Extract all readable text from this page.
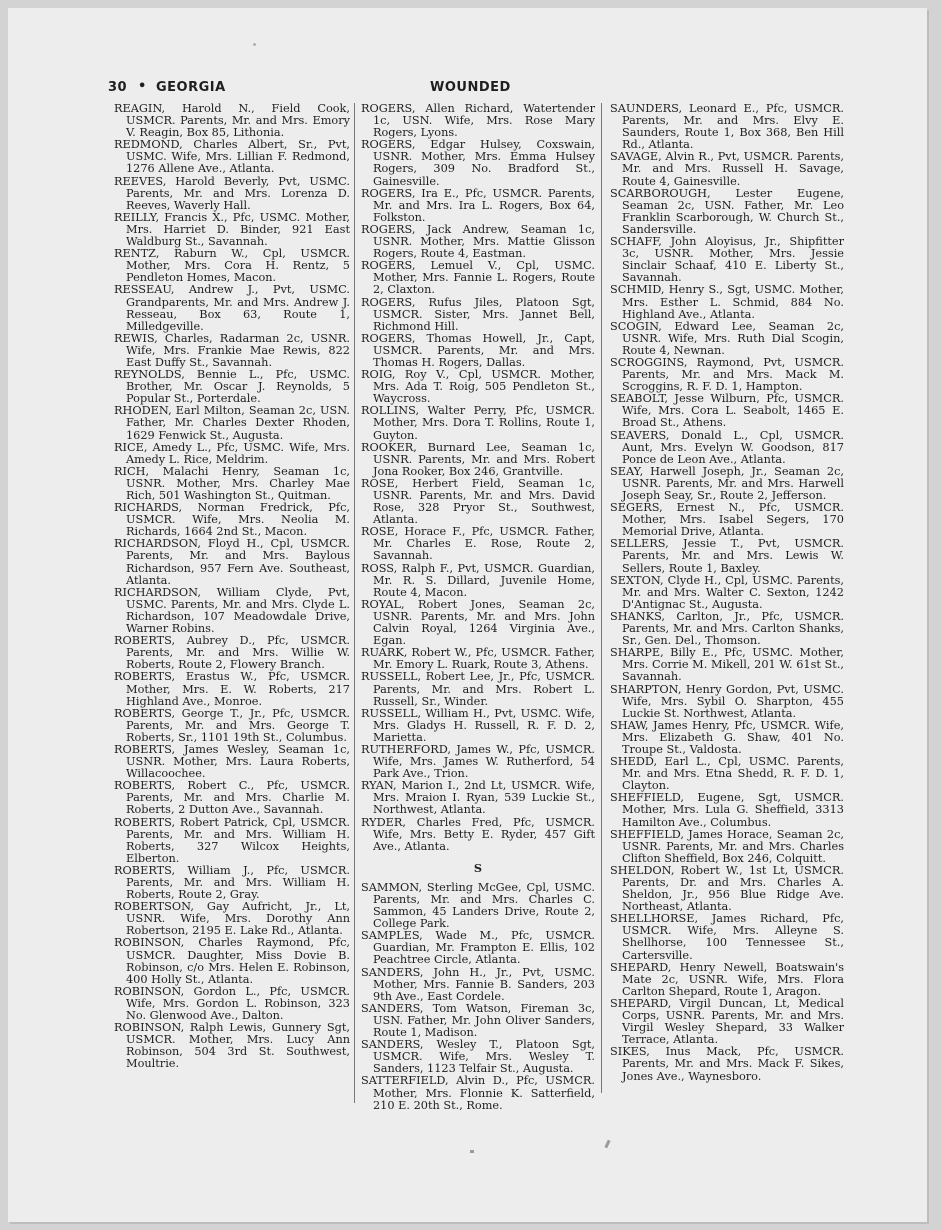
30 • GEORGIA	WOUNDED

REAGIN, Harold N., Field Cook, USMCR. Parents, Mr. and Mrs. Emory V. Reagin, Box 85, Lithonia.

REDMOND, Charles Albert, Sr., Pvt, USMC. Wife, Mrs. Lillian F. Redmond, 1276 Allene Ave., Atlanta.

REEVES, Harold Beverly, Pvt, USMC. Parents, Mr. and Mrs. Lorenza D. Reeves, Waverly Hall.

REILLY, Francis X., Pfc, USMC. Mother, Mrs. Harriet D. Binder, 921 East Waldburg St., Savannah.

RENTZ, Raburn W., Cpl, USMCR. Mother, Mrs. Cora H. Rentz, 5 Pendleton Homes, Macon.

RESSEAU, Andrew J., Pvt, USMC. Grandparents, Mr. and Mrs. Andrew J. Resseau, Box 63, Route 1, Milledgeville.

REWIS, Charles, Radarman 2c, USNR. Wife, Mrs. Frankie Mae Rewis, 822 East Duffy St., Savannah.

REYNOLDS, Bennie L., Pfc, USMC. Brother, Mr. Oscar J. Reynolds, 5 Popular St., Porterdale.

RHODEN, Earl Milton, Seaman 2c, USN. Father, Mr. Charles Dexter Rhoden, 1629 Fenwick St., Augusta.

RICE, Amedy L., Pfc, USMC. Wife, Mrs. Amedy L. Rice, Meldrim.

RICH, Malachi Henry, Seaman 1c, USNR. Mother, Mrs. Charley Mae Rich, 501 Washington St., Quitman.

RICHARDS, Norman Fredrick, Pfc, USMCR. Wife, Mrs. Neolia M. Richards, 1664 2nd St., Macon.

RICHARDSON, Floyd H., Cpl, USMCR. Parents, Mr. and Mrs. Baylous Richardson, 957 Fern Ave. Southeast, Atlanta.

RICHARDSON, William Clyde, Pvt, USMC. Parents, Mr. and Mrs. Clyde L. Richardson, 107 Meadowdale Drive, Warner Robins.

ROBERTS, Aubrey D., Pfc, USMCR. Parents, Mr. and Mrs. Willie W. Roberts, Route 2, Flowery Branch.

ROBERTS, Erastus W., Pfc, USMCR. Mother, Mrs. E. W. Roberts, 217 Highland Ave., Monroe.

ROBERTS, George T., Jr., Pfc, USMCR. Parents, Mr. and Mrs. George T. Roberts, Sr., 1101 19th St., Columbus.

ROBERTS, James Wesley, Seaman 1c, USNR. Mother, Mrs. Laura Roberts, Willacoochee.

ROBERTS, Robert C., Pfc, USMCR. Parents, Mr. and Mrs. Charlie M. Roberts, 2 Dutton Ave., Savannah.

ROBERTS, Robert Patrick, Cpl, USMCR. Parents, Mr. and Mrs. William H. Roberts, 327 Wilcox Heights, Elberton.

ROBERTS, William J., Pfc, USMCR. Parents, Mr. and Mrs. William H. Roberts, Route 2, Gray.

ROBERTSON, Gay Aufricht, Jr., Lt, USNR. Wife, Mrs. Dorothy Ann Robertson, 2195 E. Lake Rd., Atlanta.

ROBINSON, Charles Raymond, Pfc, USMCR. Daughter, Miss Dovie B. Robinson, c/o Mrs. Helen E. Robinson, 400 Holly St., Atlanta.

ROBINSON, Gordon L., Pfc, USMCR. Wife, Mrs. Gordon L. Robinson, 323 No. Glenwood Ave., Dalton.

ROBINSON, Ralph Lewis, Gunnery Sgt, USMCR. Mother, Mrs. Lucy Ann Robinson, 504 3rd St. Southwest, Moultrie.

ROGERS, Allen Richard, Watertender 1c, USN. Wife, Mrs. Rose Mary Rogers, Lyons.

ROGERS, Edgar Hulsey, Coxswain, USNR. Mother, Mrs. Emma Hulsey Rogers, 309 No. Bradford St., Gainesville.

ROGERS, Ira E., Pfc, USMCR. Parents, Mr. and Mrs. Ira L. Rogers, Box 64, Folkston.

ROGERS, Jack Andrew, Seaman 1c, USNR. Mother, Mrs. Mattie Glisson Rogers, Route 4, Eastman.

ROGERS, Lemuel V., Cpl, USMC. Mother, Mrs. Fannie L. Rogers, Route 2, Claxton.

ROGERS, Rufus Jiles, Platoon Sgt, USMCR. Sister, Mrs. Jannet Bell, Richmond Hill.

ROGERS, Thomas Howell, Jr., Capt, USMCR. Parents, Mr. and Mrs. Thomas H. Rogers, Dallas.

ROIG, Roy V., Cpl, USMCR. Mother, Mrs. Ada T. Roig, 505 Pendleton St., Waycross.

ROLLINS, Walter Perry, Pfc, USMCR. Mother, Mrs. Dora T. Rollins, Route 1, Guyton.

ROOKER, Burnard Lee, Seaman 1c, USNR. Parents, Mr. and Mrs. Robert Jona Rooker, Box 246, Grantville.

ROSE, Herbert Field, Seaman 1c, USNR. Parents, Mr. and Mrs. David Rose, 328 Pryor St., Southwest, Atlanta.

ROSE, Horace F., Pfc, USMCR. Father, Mr. Charles E. Rose, Route 2, Savannah.

ROSS, Ralph F., Pvt, USMCR. Guardian, Mr. R. S. Dillard, Juvenile Home, Route 4, Macon.

ROYAL, Robert Jones, Seaman 2c, USNR. Parents, Mr. and Mrs. John Calvin Royal, 1264 Virginia Ave., Egan.

RUARK, Robert W., Pfc, USMCR. Father, Mr. Emory L. Ruark, Route 3, Athens.

RUSSELL, Robert Lee, Jr., Pfc, USMCR. Parents, Mr. and Mrs. Robert L. Russell, Sr., Winder.

RUSSELL, William H., Pvt, USMC. Wife, Mrs. Gladys H. Russell, R. F. D. 2, Marietta.

RUTHERFORD, James W., Pfc, USMCR. Wife, Mrs. James W. Rutherford, 54 Park Ave., Trion.

RYAN, Marion I., 2nd Lt, USMCR. Wife, Mrs. Mraion I. Ryan, 539 Luckie St., Northwest, Atlanta.

RYDER, Charles Fred, Pfc, USMCR. Wife, Mrs. Betty E. Ryder, 457 Gift Ave., Atlanta.

S

SAMMON, Sterling McGee, Cpl, USMC. Parents, Mr. and Mrs. Charles C. Sammon, 45 Landers Drive, Route 2, College Park.

SAMPLES, Wade M., Pfc, USMCR. Guardian, Mr. Frampton E. Ellis, 102 Peachtree Circle, Atlanta.

SANDERS, John H., Jr., Pvt, USMC. Mother, Mrs. Fannie B. Sanders, 203 9th Ave., East Cordele.

SANDERS, Tom Watson, Fireman 3c, USN. Father, Mr. John Oliver Sanders, Route 1, Madison.

SANDERS, Wesley T., Platoon Sgt, USMCR. Wife, Mrs. Wesley T. Sanders, 1123 Telfair St., Augusta.

SATTERFIELD, Alvin D., Pfc, USMCR. Mother, Mrs. Flonnie K. Satterfield, 210 E. 20th St., Rome.

SAUNDERS, Leonard E., Pfc, USMCR. Parents, Mr. and Mrs. Elvy E. Saunders, Route 1, Box 368, Ben Hill Rd., Atlanta.

SAVAGE, Alvin R., Pvt, USMCR. Parents, Mr. and Mrs. Russell H. Savage, Route 4, Gainesville.

SCARBOROUGH, Lester Eugene, Seaman 2c, USN. Father, Mr. Leo Franklin Scarborough, W. Church St., Sandersville.

SCHAFF, John Aloyisus, Jr., Shipfitter 3c, USNR. Mother, Mrs. Jessie Sinclair Schaaf, 410 E. Liberty St., Savannah.

SCHMID, Henry S., Sgt, USMC. Mother, Mrs. Esther L. Schmid, 884 No. Highland Ave., Atlanta.

SCOGIN, Edward Lee, Seaman 2c, USNR. Wife, Mrs. Ruth Dial Scogin, Route 4, Newnan.

SCROGGINS, Raymond, Pvt, USMCR. Parents, Mr. and Mrs. Mack M. Scroggins, R. F. D. 1, Hampton.

SEABOLT, Jesse Wilburn, Pfc, USMCR. Wife, Mrs. Cora L. Seabolt, 1465 E. Broad St., Athens.

SEAVERS, Donald L., Cpl, USMCR. Aunt, Mrs. Evelyn W. Goodson, 817 Ponce de Leon Ave., Atlanta.

SEAY, Harwell Joseph, Jr., Seaman 2c, USNR. Parents, Mr. and Mrs. Harwell Joseph Seay, Sr., Route 2, Jefferson.

SEGERS, Ernest N., Pfc, USMCR. Mother, Mrs. Isabel Segers, 170 Memorial Drive, Atlanta.

SELLERS, Jessie T., Pvt, USMCR. Parents, Mr. and Mrs. Lewis W. Sellers, Route 1, Baxley.

SEXTON, Clyde H., Cpl, USMC. Parents, Mr. and Mrs. Walter C. Sexton, 1242 D'Antignac St., Augusta.

SHANKS, Carlton, Jr., Pfc, USMCR. Parents, Mr. and Mrs. Carlton Shanks, Sr., Gen. Del., Thomson.

SHARPE, Billy E., Pfc, USMC. Mother, Mrs. Corrie M. Mikell, 201 W. 61st St., Savannah.

SHARPTON, Henry Gordon, Pvt, USMC. Wife, Mrs. Sybil O. Sharpton, 455 Luckie St. Northwest, Atlanta.

SHAW, James Henry, Pfc, USMCR. Wife, Mrs. Elizabeth G. Shaw, 401 No. Troupe St., Valdosta.

SHEDD, Earl L., Cpl, USMC. Parents, Mr. and Mrs. Etna Shedd, R. F. D. 1, Clayton.

SHEFFIELD, Eugene, Sgt, USMCR. Mother, Mrs. Lula G. Sheffield, 3313 Hamilton Ave., Columbus.

SHEFFIELD, James Horace, Seaman 2c, USNR. Parents, Mr. and Mrs. Charles Clifton Sheffield, Box 246, Colquitt.

SHELDON, Robert W., 1st Lt, USMCR. Parents, Dr. and Mrs. Charles A. Sheldon, Jr., 956 Blue Ridge Ave. Northeast, Atlanta.

SHELLHORSE, James Richard, Pfc, USMCR. Wife, Mrs. Alleyne S. Shellhorse, 100 Tennessee St., Cartersville.

SHEPARD, Henry Newell, Boatswain's Mate 2c, USNR. Wife, Mrs. Flora Carlton Shepard, Route 1, Aragon.

SHEPARD, Virgil Duncan, Lt, Medical Corps, USNR. Parents, Mr. and Mrs. Virgil Wesley Shepard, 33 Walker Terrace, Atlanta.

SIKES, Inus Mack, Pfc, USMCR. Parents, Mr. and Mrs. Mack F. Sikes, Jones Ave., Waynesboro.
